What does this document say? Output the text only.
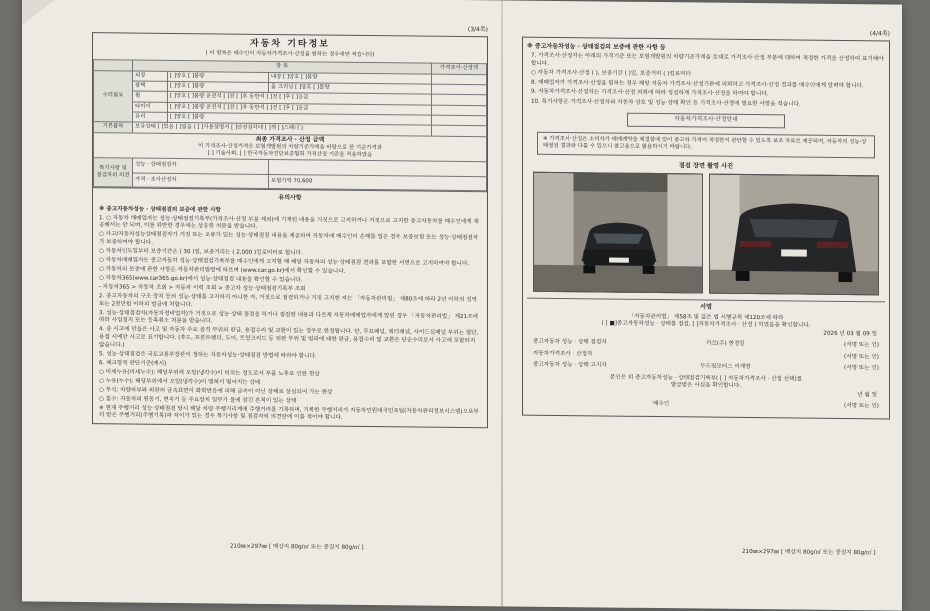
(3/4쪽)
자동차 기타정보
( 이 항목은 매수인이 자동차가격조사·산정을 원하는 경우에만 적습니다)
	항 목			가격조사·산정액
수리필요	외장	[ ]양호 [ ]불량	내장 [ ]양호 [ ]불량	
	광택	[ ]양호 [ ]불량	룸 크리닝 [ ]양호 [ ]불량	
	휠	[ ]양호 [ ]불량 운전석 [ ]전 [ ]후 동반석 [ ]전 [ ]후 [ ]응급		
	타이어	[ ]양호 [ ]불량 운전석 [ ]전 [ ]후 동반석 [ ]전 [ ]후 [ ]응급		
	유리	[ ]양호 [ ]불량		
기본품목	보유상태 [ ]있음 [ ]없음 ( [ ]사용설명서 [ ]안전삼각대 [ ]잭 [ ]스패너 )			

최종 가격조사 · 산정 금액
이 가격조사·산정가격은 보험개발원의 차량기준가액을 바탕으로 한 기준가격과
[ ] 기술사회, [ ] 한국자동차진단보증협회 가격산정 기준을 적용하였음				

특기사항 및 점검자의 의견	성능 · 상태점검자			
	가격 · 조사산정자		보험가액 70,600	
유의사항
※ 중고자동차성능 · 상태점검의 보증에 관한 사항
1. ○ 자동차 매매업자는 성능·상태점검기록부(가격조사·산정 부분 제외)에 기재된 내용을 거짓으로 고지하거나 거짓으로 고지한 중고자동차를 매수인에게 제공해서는 안 되며, 이를 위반한 경우에는 상응한 처분을 받습니다.
○ 사고/자동차성능상태점검자가 거짓 또는 오류가 있는 성능·상태점검 내용을 제공하여 자동차에 매수인이 손해를 입은 경우 보증보험 또는 성능·상태점검자가 보증하여야 합니다.
○ 자동차인도일부터 보증기간은 ( 30 )일, 보증거리는 ( 2,000 )킬로미터로 합니다.
○ 자동차매매업자는 중고자동차 성능·상태점검기록부를 매수인에게 고지할 때 해당 자동차의 성능·상태점검 결과를 포함한 서면으로 고지하여야 합니다.
○ 자동차의 보증에 관한 사항은 자동차관리법령에 따르며 (www.car.go.kr)에서 확인할 수 있습니다.
○ 자동차365(www.car365.go.kr)에서 성능·상태점검 내용을 확인할 수 있습니다.
- 자동차365 > 자동차 조회 > 자동차 이력 조회 > 중고차 성능·상태점검기록부 조회
2. 중고자동차의 구조·장치 등의 성능·상태를 고지하지 아니한 자, 거짓으로 점검하거나 거짓 고지한 자는 「자동차관리법」 제80조에 따라 2년 이하의 징역 또는 2천만원 이하의 벌금에 처합니다.
3. 성능·상태점검자(자동차정비업자)가 거짓으로 성능·상태 점검을 하거나 점검한 내용과 다르게 자동차매매업자에게 알린 경우 「자동차관리법」 제21조에 따라 사업정지 또는 등록취소 처분을 받습니다.
4. 증 시고에 만들은 사고 및 자동차 주요 골격 부위의 판금, 용접수리 및 교환이 있는 경우로 한정됩니다. 단, 루프패널, 쿼터패널, 사이드실패널 부위는 절단, 용접 시에만 사고로 표기합니다. (후드, 프론트펜더, 도어, 트렁크리드 등 외판 부위 및 범퍼에 대한 판금, 용접수리 및 교환은 단순수리로서 사고에 포함되지 않습니다.)
5. 성능·상태점검은 국토교통부장관이 정하는 자동차성능·상태점검 방법에 따라야 합니다.
6. 체크항목 판단기준(예시)
○ 미세누유(미세누수): 해당부위에 오일(냉각수)이 비치는 정도로서 부품 노후로 인한 현상
○ 누유(누수): 해당부위에서 오일(냉각수)이 맺혀서 떨어지는 상태
○ 부식: 차량하부와 외판의 금속표면이 화학반응에 의해 금속이 아닌 상태로 상실되어 가는 현상
○ 침수: 자동차의 원동기, 변속기 등 주요장치 일부가 물에 잠긴 흔적이 있는 상태
※ 현재 주행거리 성능·상태점검 당시 해당 차량 주행거리계에 주행거리를 기록하며, 기록한 주행거리가 자동차민원대국민포털(자동차관리정보시스템)으로부터 받은 주행거리(주행기록)과 차이가 있는 경우 특기사항 및 점검자의 의견란에 이를 적어야 합니다.
210㎜×297㎜ [ 백상지 80g/㎡ 또는 중질지 80g/㎡ ]
(4/4쪽)
※ 중고자동차성능 · 상태점검의 보증에 관한 사항 등
7. 가격조사·산정자는 아래의 가격기준 또는 보험개발원의 차량기준가액을 토대로 가격조사·산정 부분에 대하여 적정한 가격을 산정하여 표기해야 합니다.
○ 자동차 가격조사·산정 ( ), 보증기간 ( )일, 보증거리 ( )킬로미터
8. 매매업자가 가격조사·산정을 원하는 경우 해당 자동차 가격조사·산정기관에 의뢰하고 가격조사·산정 결과를 매수인에게 알려야 합니다.
9. 자동차가격조사·산정자는 가격조사·산정 의뢰에 따라 성실하게 가격조사·산정을 하여야 합니다.
10. 특기사항은 가격조사·산정자와 자동차 상호 및 성능·상태 확인 등 가격조사·산정에 필요한 사항을 적습니다.
자동차가격조사·산정안내
※ 가격조사·산정은 소비자가 매매계약을 체결함에 있어 중고차 가격이 적정한지 판단할 수 있도록 보조 자료로 제공되며, 자동차의 성능·상태점검 결과와 다를 수 있으니 참고용으로 활용하시기 바랍니다.
점검 장면 촬영 사진
서명
「자동차관리법」 제58조 및 같은 법 시행규칙 제120조에 따라
( [ ■]중고자동차성능 · 상태를 점검, [ ]자동차가격조사 · 산정 ) 하였음을 확인합니다.
2026 년 03 월 09 일
중고자동차 성능 · 상태 점검자	카르(주) 현정일	(서명 또는 인)
자동차가격조사 · 산정자	(서명 또는 인)
중고자동차 성능 · 상태 고지자	두드림모터스 이재영	(서명 또는 인)
본인은 위 중고자동차성능 · 상태점검기록부( [ ] 자동차가격조사 · 산정 선택)를
발급받은 사실을 확인합니다.
년 월 일
매수인	(서명 또는 인)
210㎜×297㎜ [ 백상지 80g/㎡ 또는 중질지 80g/㎡ ]
